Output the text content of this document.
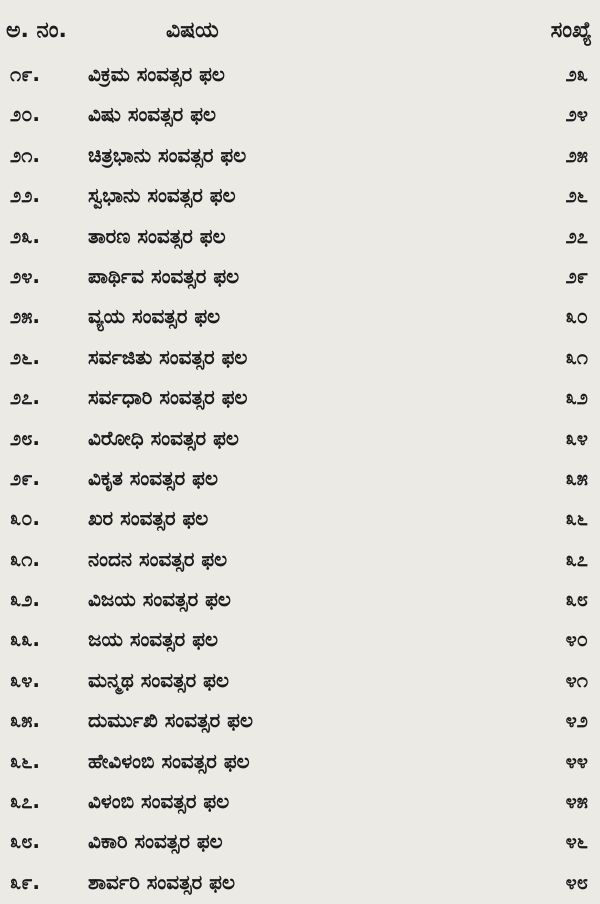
ಅ. ನಂ.	ವಿಷಯ	ಸಂಖ್ಯೆ
೧೯. ವಿಕ್ರಮ ಸಂವತ್ಸರ ಫಲ	೨೩
೨೦. ವಿಷು ಸಂವತ್ಸರ ಫಲ	೨೪
೨೧. ಚಿತ್ರಭಾನು ಸಂವತ್ಸರ ಫಲ	೨೫
೨೨. ಸ್ವಭಾನು ಸಂವತ್ಸರ ಫಲ	೨೬
೨೩. ತಾರಣ ಸಂವತ್ಸರ ಫಲ	೨೭
೨೪. ಪಾರ್ಥಿವ ಸಂವತ್ಸರ ಫಲ	೨೯
೨೫. ವ್ಯಯ ಸಂವತ್ಸರ ಫಲ	೩೦
೨೬. ಸರ್ವಜಿತು ಸಂವತ್ಸರ ಫಲ	೩೧
೨೭. ಸರ್ವಧಾರಿ ಸಂವತ್ಸರ ಫಲ	೩೨
೨೮. ವಿರೋಧಿ ಸಂವತ್ಸರ ಫಲ	೩೪
೨೯. ವಿಕೃತ ಸಂವತ್ಸರ ಫಲ	೩೫
೩೦. ಖರ ಸಂವತ್ಸರ ಫಲ	೩೬
೩೧. ನಂದನ ಸಂವತ್ಸರ ಫಲ	೩೭
೩೨. ವಿಜಯ ಸಂವತ್ಸರ ಫಲ	೩೮
೩೩. ಜಯ ಸಂವತ್ಸರ ಫಲ	೪೦
೩೪. ಮನ್ಮಥ ಸಂವತ್ಸರ ಫಲ	೪೧
೩೫. ದುರ್ಮುಖಿ ಸಂವತ್ಸರ ಫಲ	೪೨
೩೬. ಹೇವಿಳಂಬಿ ಸಂವತ್ಸರ ಫಲ	೪೪
೩೭. ವಿಳಂಬಿ ಸಂವತ್ಸರ ಫಲ	೪೫
೩೮. ವಿಕಾರಿ ಸಂವತ್ಸರ ಫಲ	೪೬
೩೯. ಶಾರ್ವರಿ ಸಂವತ್ಸರ ಫಲ	೪೮
